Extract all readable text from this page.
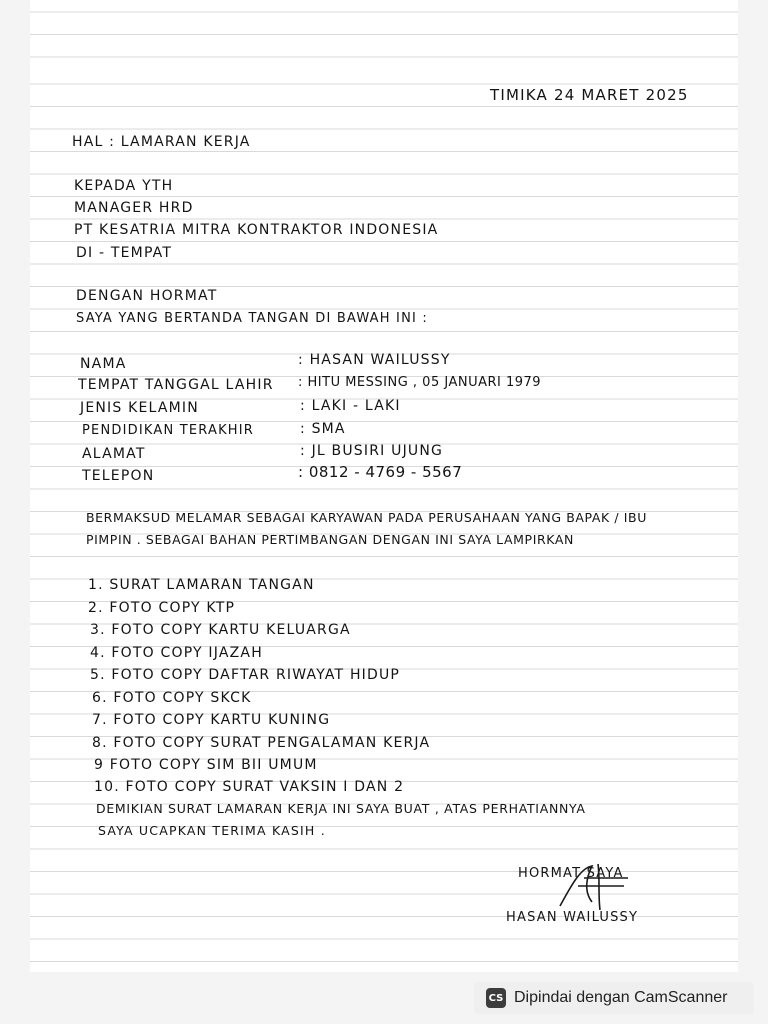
TIMIKA 24 MARET 2025
HAL : LAMARAN KERJA
KEPADA YTH
MANAGER HRD
PT KESATRIA MITRA KONTRAKTOR INDONESIA
DI - TEMPAT
DENGAN HORMAT
SAYA YANG BERTANDA TANGAN DI BAWAH INI :
NAMA	: HASAN WAILUSSY
TEMPAT TANGGAL LAHIR : HITU MESSING , 05 JANUARI 1979
JENIS KELAMIN	: LAKI - LAKI
PENDIDIKAN TERAKHIR	: SMA
ALAMAT	: JL BUSIRI UJUNG
TELEPON	: 0812 - 4769 - 5567
BERMAKSUD MELAMAR SEBAGAI KARYAWAN PADA PERUSAHAAN YANG BAPAK / IBU
PIMPIN . SEBAGAI BAHAN PERTIMBANGAN DENGAN INI SAYA LAMPIRKAN
1. SURAT LAMARAN TANGAN
2. FOTO COPY KTP
3. FOTO COPY KARTU KELUARGA
4. FOTO COPY IJAZAH
5. FOTO COPY DAFTAR RIWAYAT HIDUP
6. FOTO COPY SKCK
7. FOTO COPY KARTU KUNING
8. FOTO COPY SURAT PENGALAMAN KERJA
9 FOTO COPY SIM BII UMUM
10. FOTO COPY SURAT VAKSIN I DAN 2
DEMIKIAN SURAT LAMARAN KERJA INI SAYA BUAT , ATAS PERHATIANNYA
SAYA UCAPKAN TERIMA KASIH .
HORMAT SAYA
HASAN WAILUSSY
CS Dipindai dengan CamScanner
